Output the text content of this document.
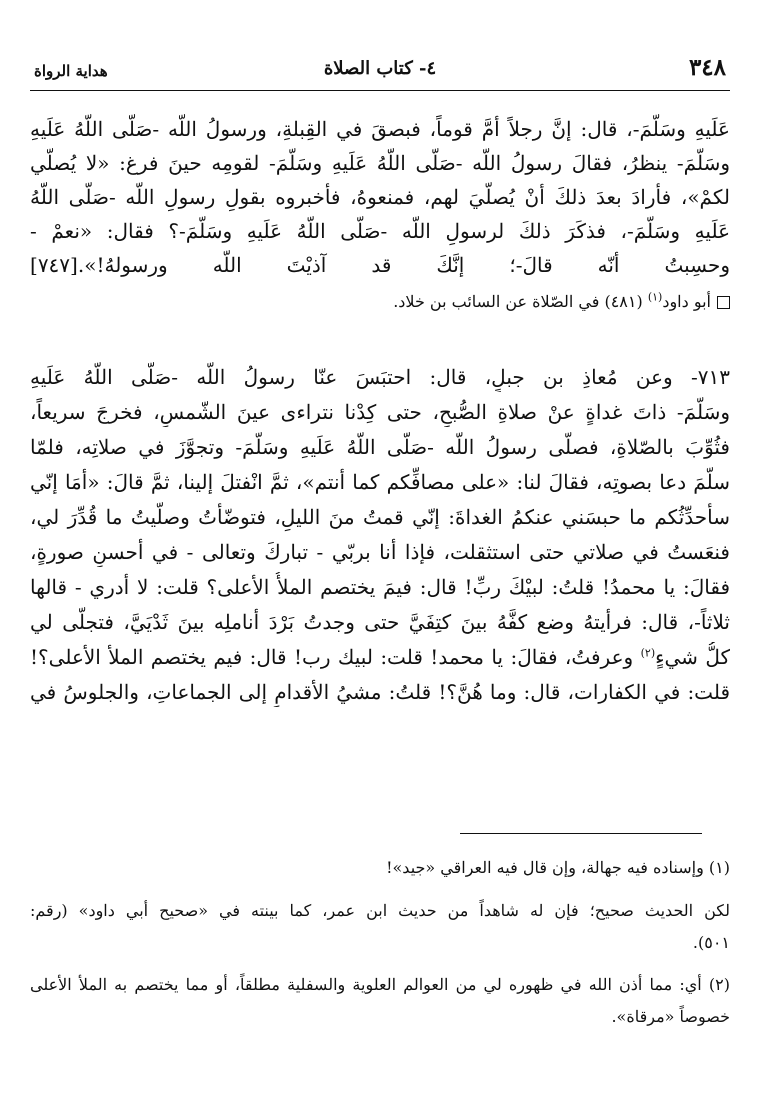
٣٤٨
٤- كتاب الصلاة
هداية الرواة
عَلَيهِ وسَلَّمَ-، قال: إنَّ رجلاً أمَّ قوماً، فبصقَ في القِبلةِ، ورسولُ اللّه -صَلَّى اللّهُ عَلَيهِ
وسَلَّمَ- ينظرُ، فقالَ رسولُ اللّه -صَلَّى اللّهُ عَلَيهِ وسَلَّمَ- لقومِه حينَ فرغ: «لا يُصلّي
لكمْ»، فأرادَ بعدَ ذلكَ أنْ يُصلّيَ لهم، فمنعوهُ، فأخبروه بقولِ رسولِ اللّه -صَلَّى اللّهُ
عَلَيهِ وسَلَّمَ-، فذكَرَ ذلكَ لرسولِ اللّه -صَلَّى اللّهُ عَلَيهِ وسَلَّمَ-؟ فقال: «نعمْ -
وحسِبتُ أنّه قالَ-؛ إنَّكَ قد آذيْتَ اللّه ورسولهُ!».[٧٤٧]
أبو داود$^{(١)}$ (٤٨١) في الصّلاة عن السائب بن خلاد.
٧١٣- وعن مُعاذِ بن جبلٍ، قال: احتبَسَ عنّا رسولُ اللّه -صَلَّى اللّهُ عَلَيهِ
وسَلَّمَ- ذاتَ غداةٍ عنْ صلاةِ الصُّبحِ، حتى كِدْنا نتراءى عينَ الشّمسِ، فخرجَ سريعاً،
فثُوِّبَ بالصّلاةِ، فصلّى رسولُ اللّه -صَلَّى اللّهُ عَلَيهِ وسَلَّمَ- وتجوَّزَ في صلاتِه، فلمّا
سلّمَ دعا بصوتِه، فقالَ لنا: «على مصافِّكم كما أنتم»، ثمَّ انْفتلَ إلينا، ثمَّ قالَ: «أمَا إنّي
سأحدِّثُكم ما حبسَني عنكمُ الغداةَ: إنّي قمتُ منَ الليلِ، فتوضّأتُ وصلّيتُ ما قُدِّرَ لي،
فنعَستُ في صلاتي حتى استثقلت، فإذا أنا بربّي - تباركَ وتعالى - في أحسنِ صورةٍ،
فقالَ: يا محمدُ! قلتُ: لبيْكَ ربِّ! قال: فيمَ يختصم الملأُ الأعلى؟ قلت: لا أدري - قالها
ثلاثاً-، قال: فرأيتهُ وضع كفَّهُ بينَ كتِفَيَّ حتى وجدتُ بَرْدَ أناملِه بينَ ثَدْيَيَّ، فتجلّى لي
كلُّ شيءٍ$^{(٢)}$ وعرفتُ، فقالَ: يا محمد! قلت: لبيك رب! قال: فيم يختصم الملأ الأعلى؟!
قلت: في الكفارات، قال: وما هُنَّ؟! قلتُ: مشيُ الأقدامِ إلى الجماعاتِ، والجلوسُ في
(١) وإسناده فيه جهالة، وإن قال فيه العراقي «جيد»!
لكن الحديث صحيح؛ فإن له شاهداً من حديث ابن عمر، كما بينته في «صحيح أبي داود» (رقم:
٥٠١).
(٢) أي: مما أذن الله في ظهوره لي من العوالم العلوية والسفلية مطلقاً، أو مما يختصم به الملأ الأعلى
خصوصاً «مرقاة».
